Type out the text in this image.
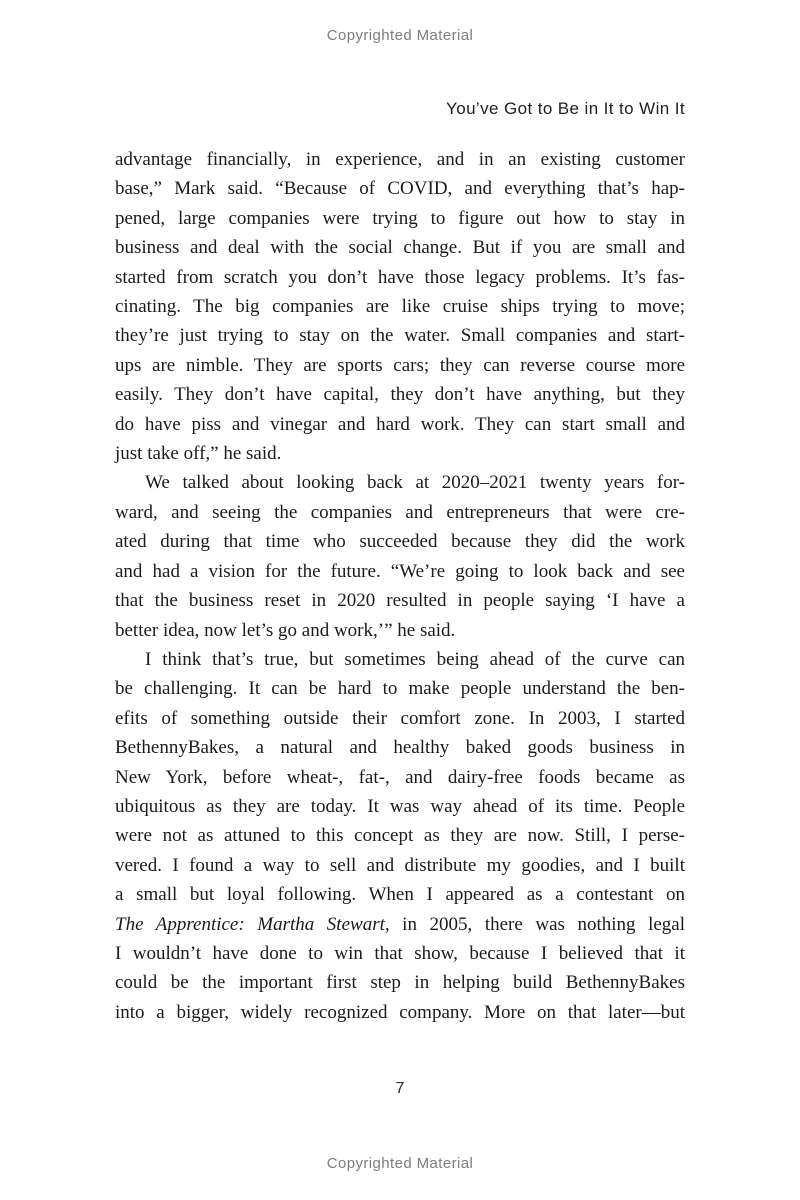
Copyrighted Material
You’ve Got to Be in It to Win It
advantage financially, in experience, and in an existing customer
base,” Mark said. “Because of COVID, and everything that’s hap-
pened, large companies were trying to figure out how to stay in
business and deal with the social change. But if you are small and
started from scratch you don’t have those legacy problems. It’s fas-
cinating. The big companies are like cruise ships trying to move;
they’re just trying to stay on the water. Small companies and start-
ups are nimble. They are sports cars; they can reverse course more
easily. They don’t have capital, they don’t have anything, but they
do have piss and vinegar and hard work. They can start small and
just take off,” he said.
We talked about looking back at 2020–2021 twenty years for-
ward, and seeing the companies and entrepreneurs that were cre-
ated during that time who succeeded because they did the work
and had a vision for the future. “We’re going to look back and see
that the business reset in 2020 resulted in people saying ‘I have a
better idea, now let’s go and work,’” he said.
I think that’s true, but sometimes being ahead of the curve can
be challenging. It can be hard to make people understand the ben-
efits of something outside their comfort zone. In 2003, I started
BethennyBakes, a natural and healthy baked goods business in
New York, before wheat-, fat-, and dairy-free foods became as
ubiquitous as they are today. It was way ahead of its time. People
were not as attuned to this concept as they are now. Still, I perse-
vered. I found a way to sell and distribute my goodies, and I built
a small but loyal following. When I appeared as a contestant on
The Apprentice: Martha Stewart, in 2005, there was nothing legal
I wouldn’t have done to win that show, because I believed that it
could be the important first step in helping build BethennyBakes
into a bigger, widely recognized company. More on that later—but
7
Copyrighted Material
